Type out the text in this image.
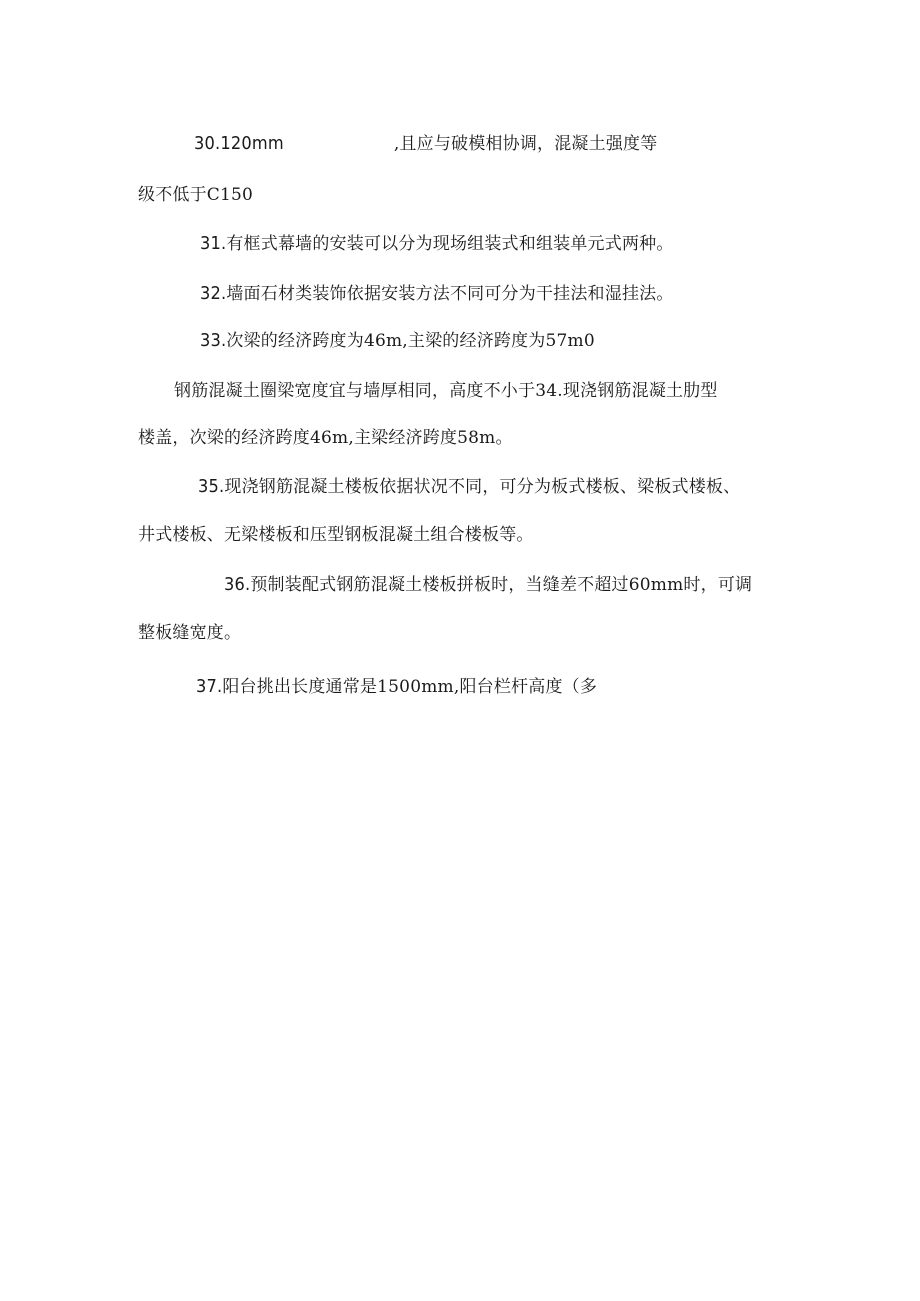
30.120mm	,且应与破模相协调，混凝土强度等
级不低于C150
31.有框式幕墙的安装可以分为现场组装式和组装单元式两种。
32.墙面石材类装饰依据安装方法不同可分为干挂法和湿挂法。
33.次梁的经济跨度为46m,主梁的经济跨度为57m0
钢筋混凝土圈梁宽度宜与墙厚相同，高度不小于34.现浇钢筋混凝土肋型
楼盖，次梁的经济跨度46m,主梁经济跨度58m。
35.现浇钢筋混凝土楼板依据状况不同，可分为板式楼板、梁板式楼板、
井式楼板、无梁楼板和压型钢板混凝土组合楼板等。
36.预制装配式钢筋混凝土楼板拼板时，当缝差不超过60mm时，可调
整板缝宽度。
37.阳台挑出长度通常是1500mm,阳台栏杆高度（多
